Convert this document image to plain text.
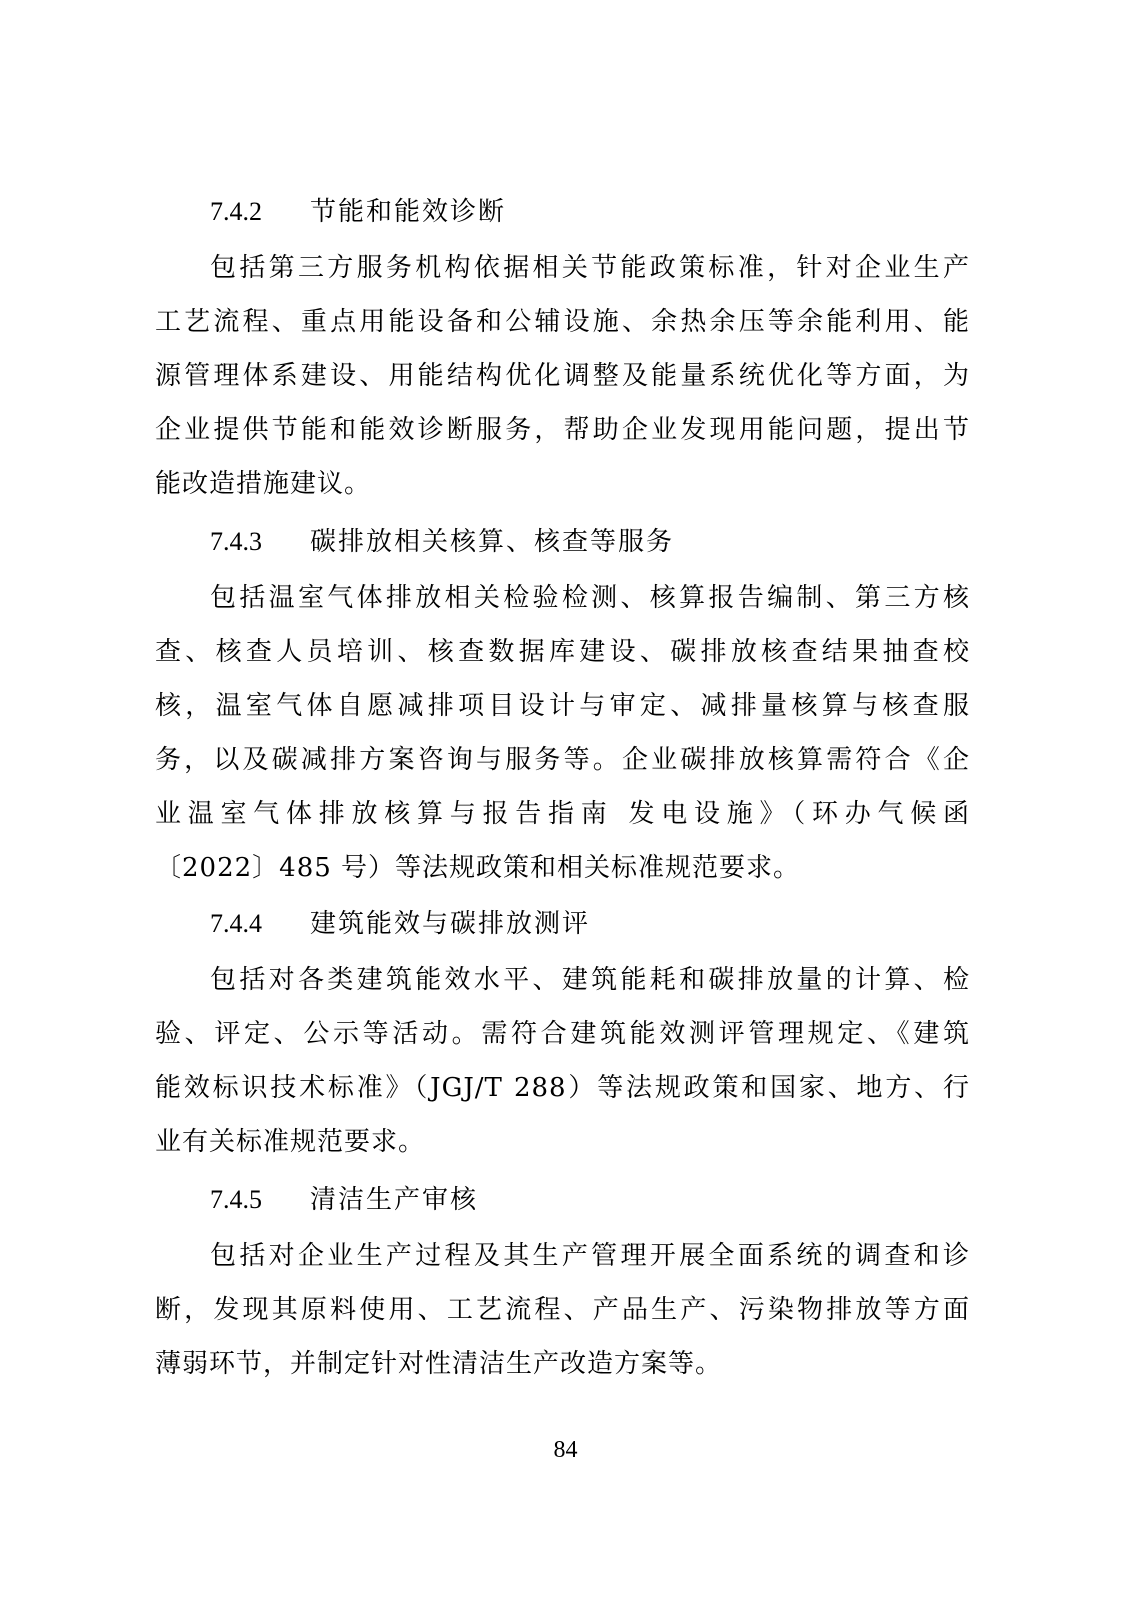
7.4.2 节能和能效诊断
包括第三方服务机构依据相关节能政策标准，针对企业生产
工艺流程、重点用能设备和公辅设施、余热余压等余能利用、能
源管理体系建设、用能结构优化调整及能量系统优化等方面，为
企业提供节能和能效诊断服务，帮助企业发现用能问题，提出节
能改造措施建议。
7.4.3 碳排放相关核算、核查等服务
包括温室气体排放相关检验检测、核算报告编制、第三方核
查、核查人员培训、核查数据库建设、碳排放核查结果抽查校
核，温室气体自愿减排项目设计与审定、减排量核算与核查服
务，以及碳减排方案咨询与服务等。企业碳排放核算需符合《企
业温室气体排放核算与报告指南 发电设施》（环办气候函
〔2022〕485 号）等法规政策和相关标准规范要求。
7.4.4 建筑能效与碳排放测评
包括对各类建筑能效水平、建筑能耗和碳排放量的计算、检
验、评定、公示等活动。需符合建筑能效测评管理规定、《建筑
能效标识技术标准》（JGJ/T 288）等法规政策和国家、地方、行
业有关标准规范要求。
7.4.5 清洁生产审核
包括对企业生产过程及其生产管理开展全面系统的调查和诊
断，发现其原料使用、工艺流程、产品生产、污染物排放等方面
薄弱环节，并制定针对性清洁生产改造方案等。
84
